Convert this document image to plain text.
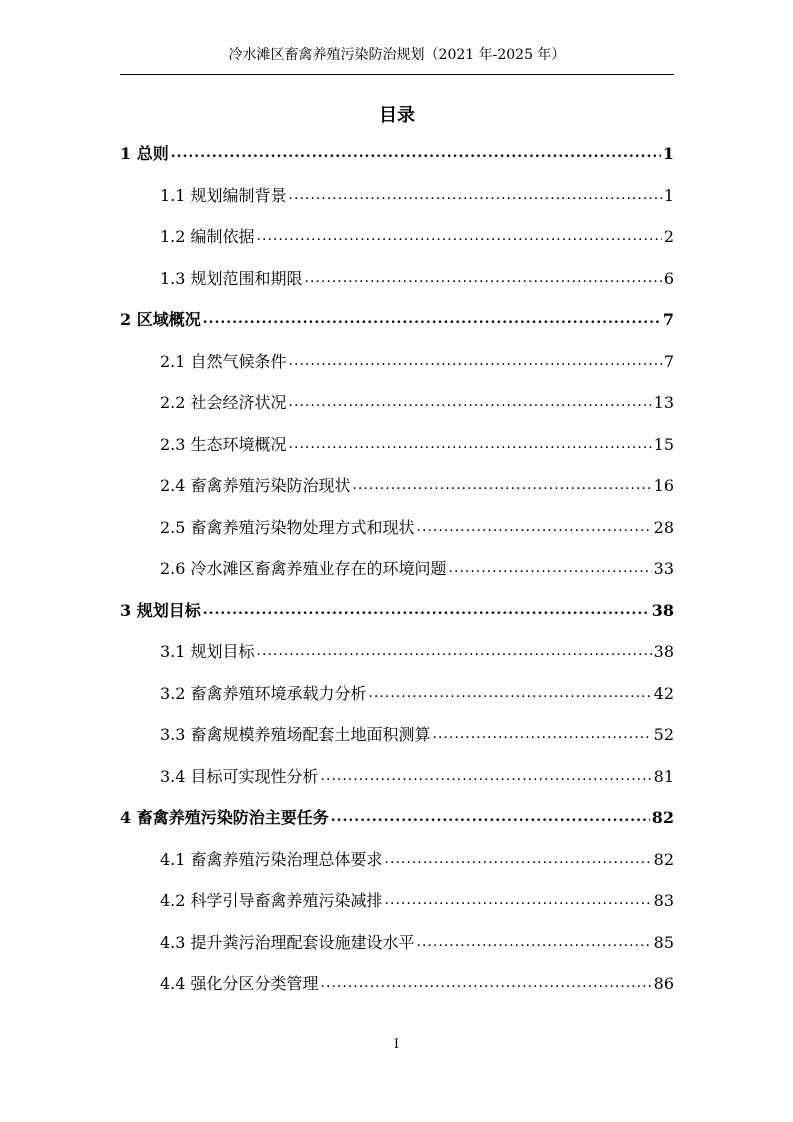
冷水滩区畜禽养殖污染防治规划（2021 年-2025 年）
目录
1 总则 .....	1
1.1 规划编制背景 .....	1
1.2 编制依据 .....	2
1.3 规划范围和期限 .....	6
2 区域概况 .....	7
2.1 自然气候条件 .....	7
2.2 社会经济状况 .....	13
2.3 生态环境概况 .....	15
2.4 畜禽养殖污染防治现状 .....	16
2.5 畜禽养殖污染物处理方式和现状 .....	28
2.6 冷水滩区畜禽养殖业存在的环境问题 .....	33
3 规划目标 .....	38
3.1 规划目标 .....	38
3.2 畜禽养殖环境承载力分析 .....	42
3.3 畜禽规模养殖场配套土地面积测算 .....	52
3.4 目标可实现性分析 .....	81
4 畜禽养殖污染防治主要任务 .....	82
4.1 畜禽养殖污染治理总体要求 .....	82
4.2 科学引导畜禽养殖污染减排 .....	83
4.3 提升粪污治理配套设施建设水平 .....	85
4.4 强化分区分类管理 .....	86
I
